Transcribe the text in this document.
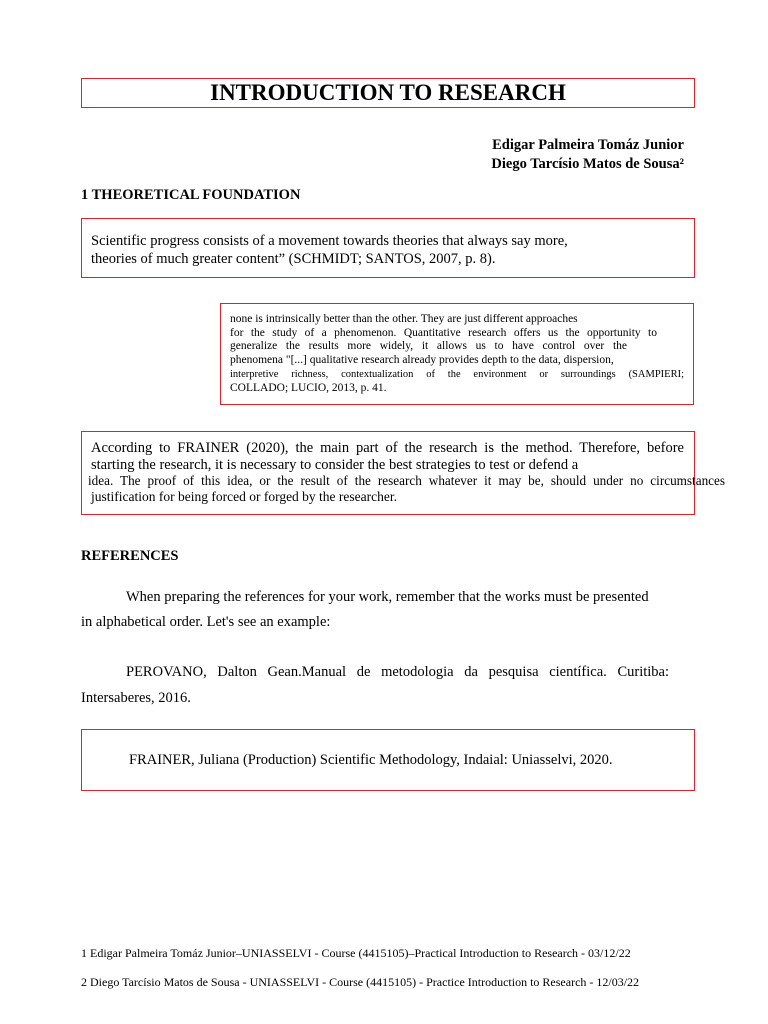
INTRODUCTION TO RESEARCH
Edigar Palmeira Tomáz Junior
Diego Tarcísio Matos de Sousa²
1 THEORETICAL FOUNDATION
Scientific progress consists of a movement towards theories that always say more,
theories of much greater content” (SCHMIDT; SANTOS, 2007, p. 8).
none is intrinsically better than the other. They are just different approaches
for the study of a phenomenon. Quantitative research offers us the opportunity to
generalize the results more widely, it allows us to have control over the
phenomena "[...] qualitative research already provides depth to the data, dispersion,
interpretive richness, contextualization of the environment or surroundings (SAMPIERI;
COLLADO; LUCIO, 2013, p. 41.
According to FRAINER (2020), the main part of the research is the method. Therefore, before
starting the research, it is necessary to consider the best strategies to test or defend a
idea. The proof of this idea, or the result of the research whatever it may be, should under no circumstances
justification for being forced or forged by the researcher.
REFERENCES
When preparing the references for your work, remember that the works must be presented
in alphabetical order. Let's see an example:
PEROVANO, Dalton Gean.Manual de metodologia da pesquisa científica. Curitiba:
Intersaberes, 2016.
FRAINER, Juliana (Production) Scientific Methodology, Indaial: Uniasselvi, 2020.
1 Edigar Palmeira Tomáz Junior–UNIASSELVI - Course (4415105)–Practical Introduction to Research - 03/12/22
2 Diego Tarcísio Matos de Sousa - UNIASSELVI - Course (4415105) - Practice Introduction to Research - 12/03/22
